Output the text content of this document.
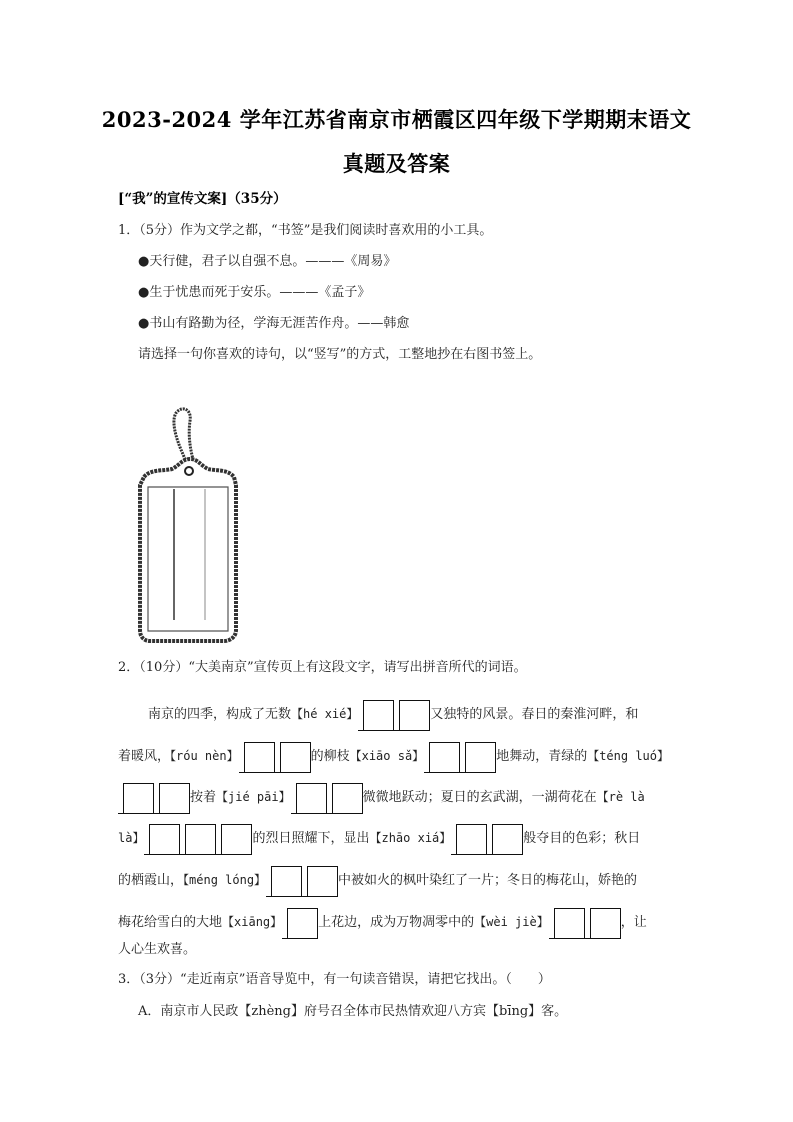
2023-2024 学年江苏省南京市栖霞区四年级下学期期末语文
真题及答案
[“我”的宣传文案]（35分）
1．（5分）作为文学之都，“书签”是我们阅读时喜欢用的小工具。
●天行健，君子以自强不息。———《周易》
●生于忧患而死于安乐。———《孟子》
●书山有路勤为径，学海无涯苦作舟。——韩愈
请选择一句你喜欢的诗句，以“竖写”的方式，工整地抄在右图书签上。
2．（10分）“大美南京”宣传页上有这段文字，请写出拼音所代的词语。
南京的四季，构成了无数【hé xié】	又独特的风景。春日的秦淮河畔，和
着暖风，【róu nèn】	的柳枝【xiāo sǎ】	地舞动，青绿的【téng luó】
按着【jié pāi】	微微地跃动；夏日的玄武湖，一湖荷花在【rè là
là】	的烈日照耀下，显出【zhāo xiá】	般夺目的色彩；秋日
的栖霞山，【méng lóng】	中被如火的枫叶染红了一片；冬日的梅花山，娇艳的
梅花给雪白的大地【xiāng】	上花边，成为万物凋零中的【wèi jiè】	，让
人心生欢喜。
3．（3分）“走近南京”语音导览中，有一句读音错误，请把它找出。（　　）
A．南京市人民政【zhèng】府号召全体市民热情欢迎八方宾【bīng】客。
